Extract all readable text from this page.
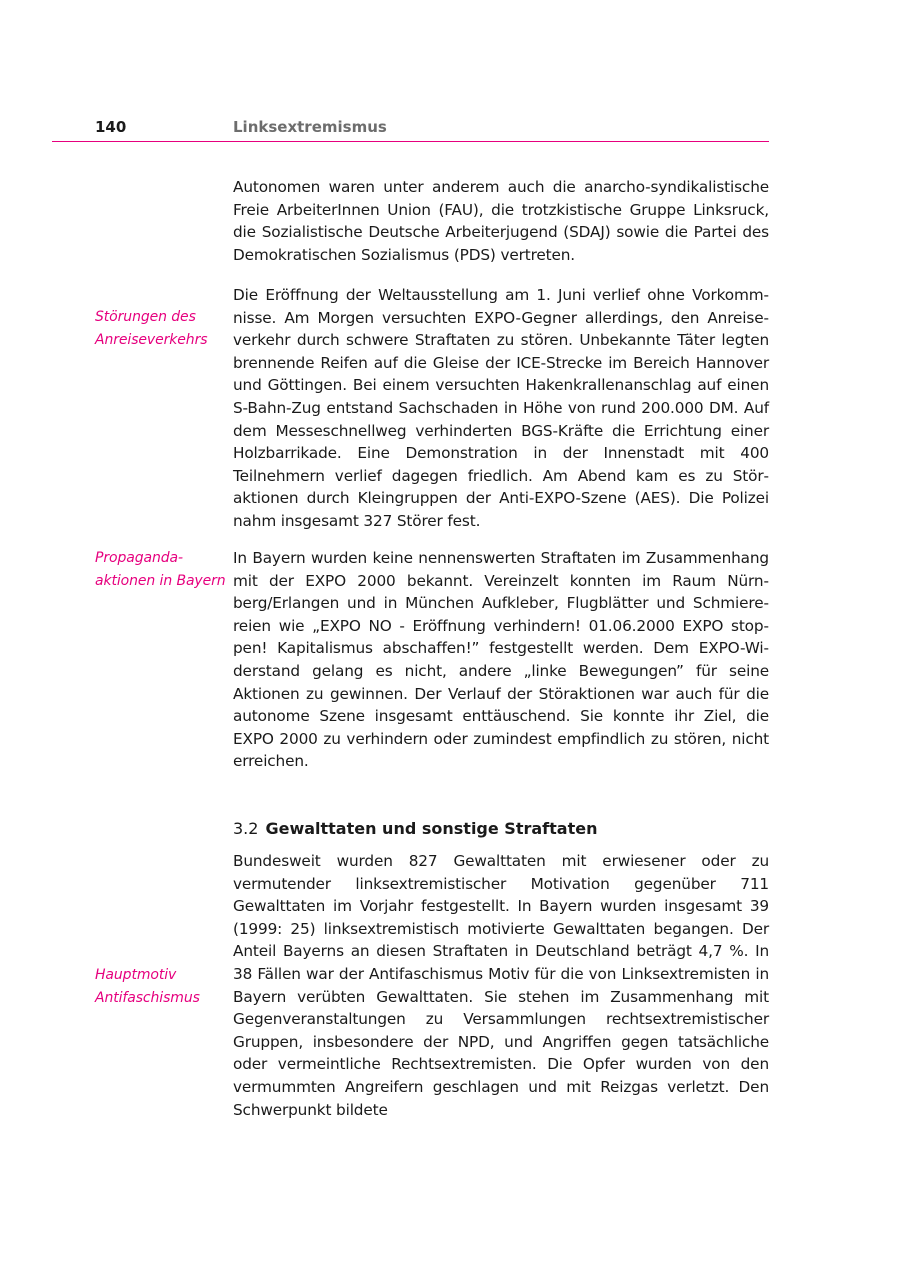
140	Linksextremismus

Autonomen waren unter anderem auch die anarcho-syndikalistische Freie ArbeiterInnen Union (FAU), die trotzkistische Gruppe Linksruck, die Sozialistische Deutsche Arbeiterjugend (SDAJ) sowie die Partei des Demokratischen Sozialismus (PDS) vertreten.

Störungen des
Anreiseverkehrs

Die Eröffnung der Weltausstellung am 1. Juni verlief ohne Vorkommnisse. Am Morgen versuchten EXPO-Gegner allerdings, den Anreiseverkehr durch schwere Straftaten zu stören. Unbekannte Täter legten brennende Reifen auf die Gleise der ICE-Strecke im Bereich Hannover und Göttingen. Bei einem versuchten Hakenkrallenanschlag auf einen S-Bahn-Zug entstand Sachschaden in Höhe von rund 200.000 DM. Auf dem Messeschnellweg verhinderten BGS-Kräfte die Errichtung einer Holzbarrikade. Eine Demonstration in der Innenstadt mit 400 Teilnehmern verlief dagegen friedlich. Am Abend kam es zu Störaktionen durch Kleingruppen der Anti-EXPO-Szene (AES). Die Polizei nahm insgesamt 327 Störer fest.

Propaganda-
aktionen in Bayern

In Bayern wurden keine nennenswerten Straftaten im Zusammenhang mit der EXPO 2000 bekannt. Vereinzelt konnten im Raum Nürnberg/Erlangen und in München Aufkleber, Flugblätter und Schmierereien wie „EXPO NO - Eröffnung verhindern! 01.06.2000 EXPO stoppen! Kapitalismus abschaffen!” festgestellt werden. Dem EXPO-Widerstand gelang es nicht, andere „linke Bewegungen” für seine Aktionen zu gewinnen. Der Verlauf der Störaktionen war auch für die autonome Szene insgesamt enttäuschend. Sie konnte ihr Ziel, die EXPO 2000 zu verhindern oder zumindest empfindlich zu stören, nicht erreichen.

3.2 Gewalttaten und sonstige Straftaten
Hauptmotiv
Antifaschismus

Bundesweit wurden 827 Gewalttaten mit erwiesener oder zu vermutender linksextremistischer Motivation gegenüber 711 Gewalttaten im Vorjahr festgestellt. In Bayern wurden insgesamt 39 (1999: 25) linksextremistisch motivierte Gewalttaten begangen. Der Anteil Bayerns an diesen Straftaten in Deutschland beträgt 4,7 %. In 38 Fällen war der Antifaschismus Motiv für die von Linksextremisten in Bayern verübten Gewalttaten. Sie stehen im Zusammenhang mit Gegenveranstaltungen zu Versammlungen rechtsextremistischer Gruppen, insbesondere der NPD, und Angriffen gegen tatsächliche oder vermeintliche Rechtsextremisten. Die Opfer wurden von den vermummten Angreifern geschlagen und mit Reizgas verletzt. Den Schwerpunkt bildete
